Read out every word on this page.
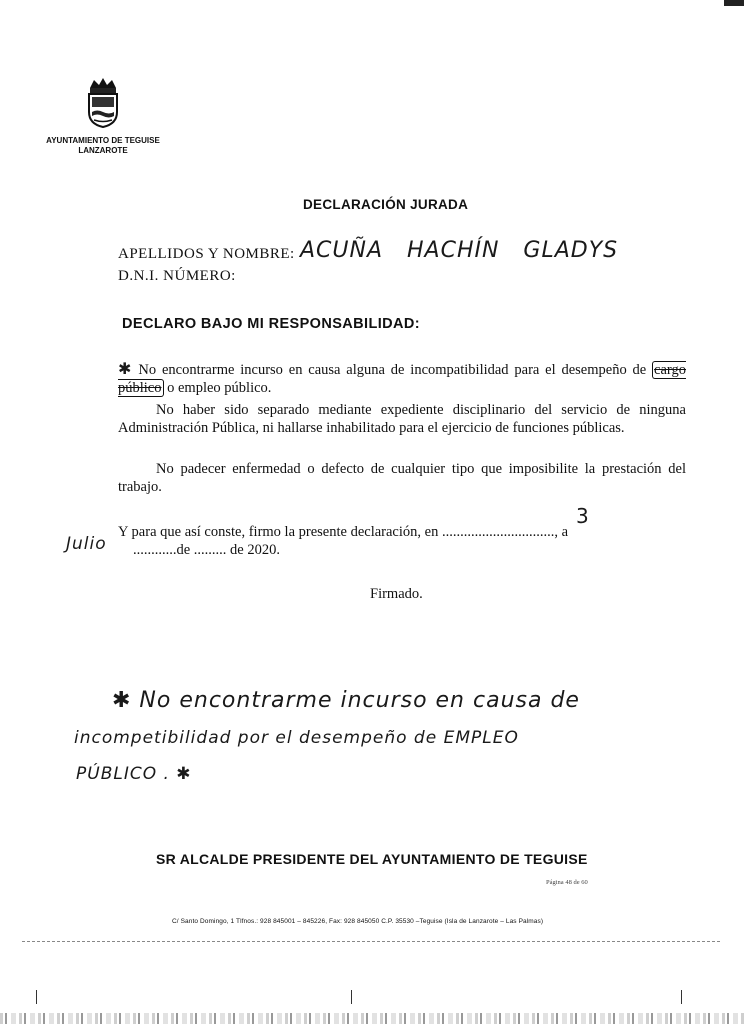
AYUNTAMIENTO DE TEGUISE
LANZAROTE
DECLARACIÓN JURADA
APELLIDOS Y NOMBRE: ACUÑA   HACHÍN   GLADYS
D.N.I. NÚMERO:
DECLARO BAJO MI RESPONSABILIDAD:
✱ No encontrarme incurso en causa alguna de incompatibilidad para el desempeño de cargo público o empleo público.
No haber sido separado mediante expediente disciplinario del servicio de ninguna Administración Pública, ni hallarse inhabilitado para el ejercicio de funciones públicas.
No padecer enfermedad o defecto de cualquier tipo que imposibilite la prestación del trabajo.
Y para que así conste, firmo la presente declaración, en ..............................., a
3
............de ......... de 2020.
Julio
Firmado.
✱ No encontrarme incurso en causa de
incompetibilidad por el desempeño de EMPLEO
PÚBLICO . ✱
SR ALCALDE PRESIDENTE DEL AYUNTAMIENTO DE TEGUISE
Página 48 de 60
C/ Santo Domingo, 1 Tlfnos.: 928 845001 – 845226, Fax: 928 845050 C.P. 35530 –Teguise (Isla de Lanzarote – Las Palmas)
